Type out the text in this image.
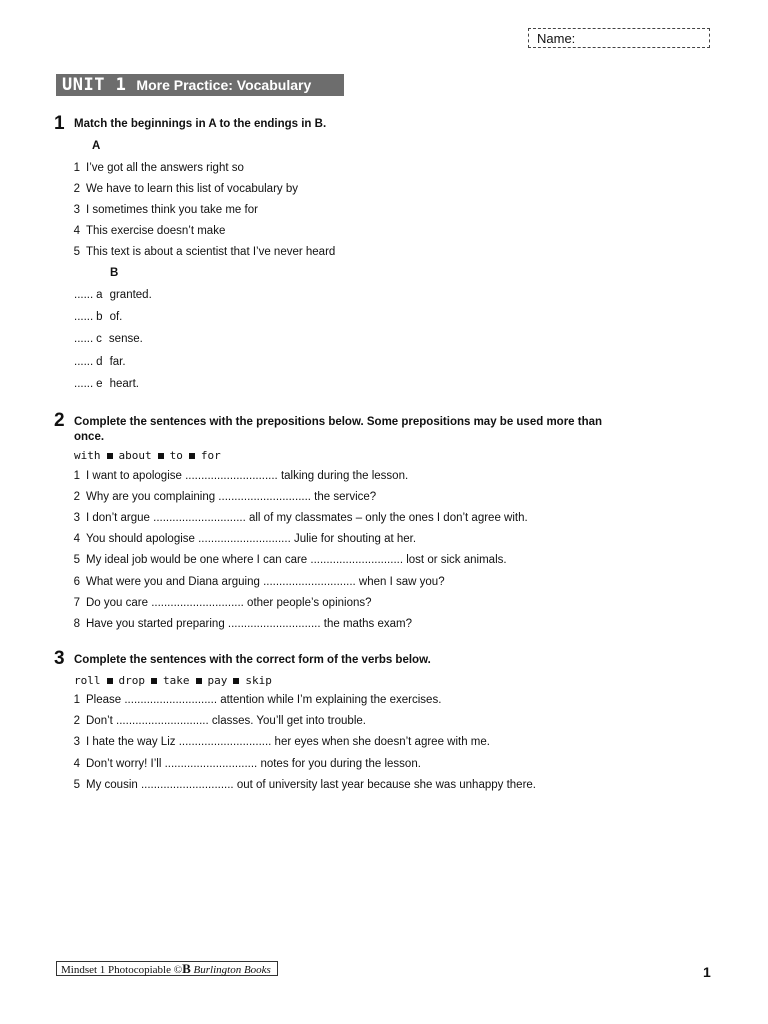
Name:
UNIT 1 More Practice: Vocabulary
1 Match the beginnings in A to the endings in B.
A
1 I’ve got all the answers right so
2 We have to learn this list of vocabulary by
3 I sometimes think you take me for
4 This exercise doesn’t make
5 This text is about a scientist that I’ve never heard
B
...... a granted.
...... b of.
...... c sense.
...... d far.
...... e heart.
2 Complete the sentences with the prepositions below. Some prepositions may be used more than
once.
with about to for
1 I want to apologise ............................. talking during the lesson.
2 Why are you complaining ............................. the service?
3 I don’t argue ............................. all of my classmates – only the ones I don’t agree with.
4 You should apologise ............................. Julie for shouting at her.
5 My ideal job would be one where I can care ............................. lost or sick animals.
6 What were you and Diana arguing ............................. when I saw you?
7 Do you care ............................. other people’s opinions?
8 Have you started preparing ............................. the maths exam?
3 Complete the sentences with the correct form of the verbs below.
roll drop take pay skip
1 Please ............................. attention while I’m explaining the exercises.
2 Don’t ............................. classes. You’ll get into trouble.
3 I hate the way Liz ............................. her eyes when she doesn’t agree with me.
4 Don’t worry! I’ll ............................. notes for you during the lesson.
5 My cousin ............................. out of university last year because she was unhappy there.
Mindset 1 Photocopiable ©B Burlington Books	1
